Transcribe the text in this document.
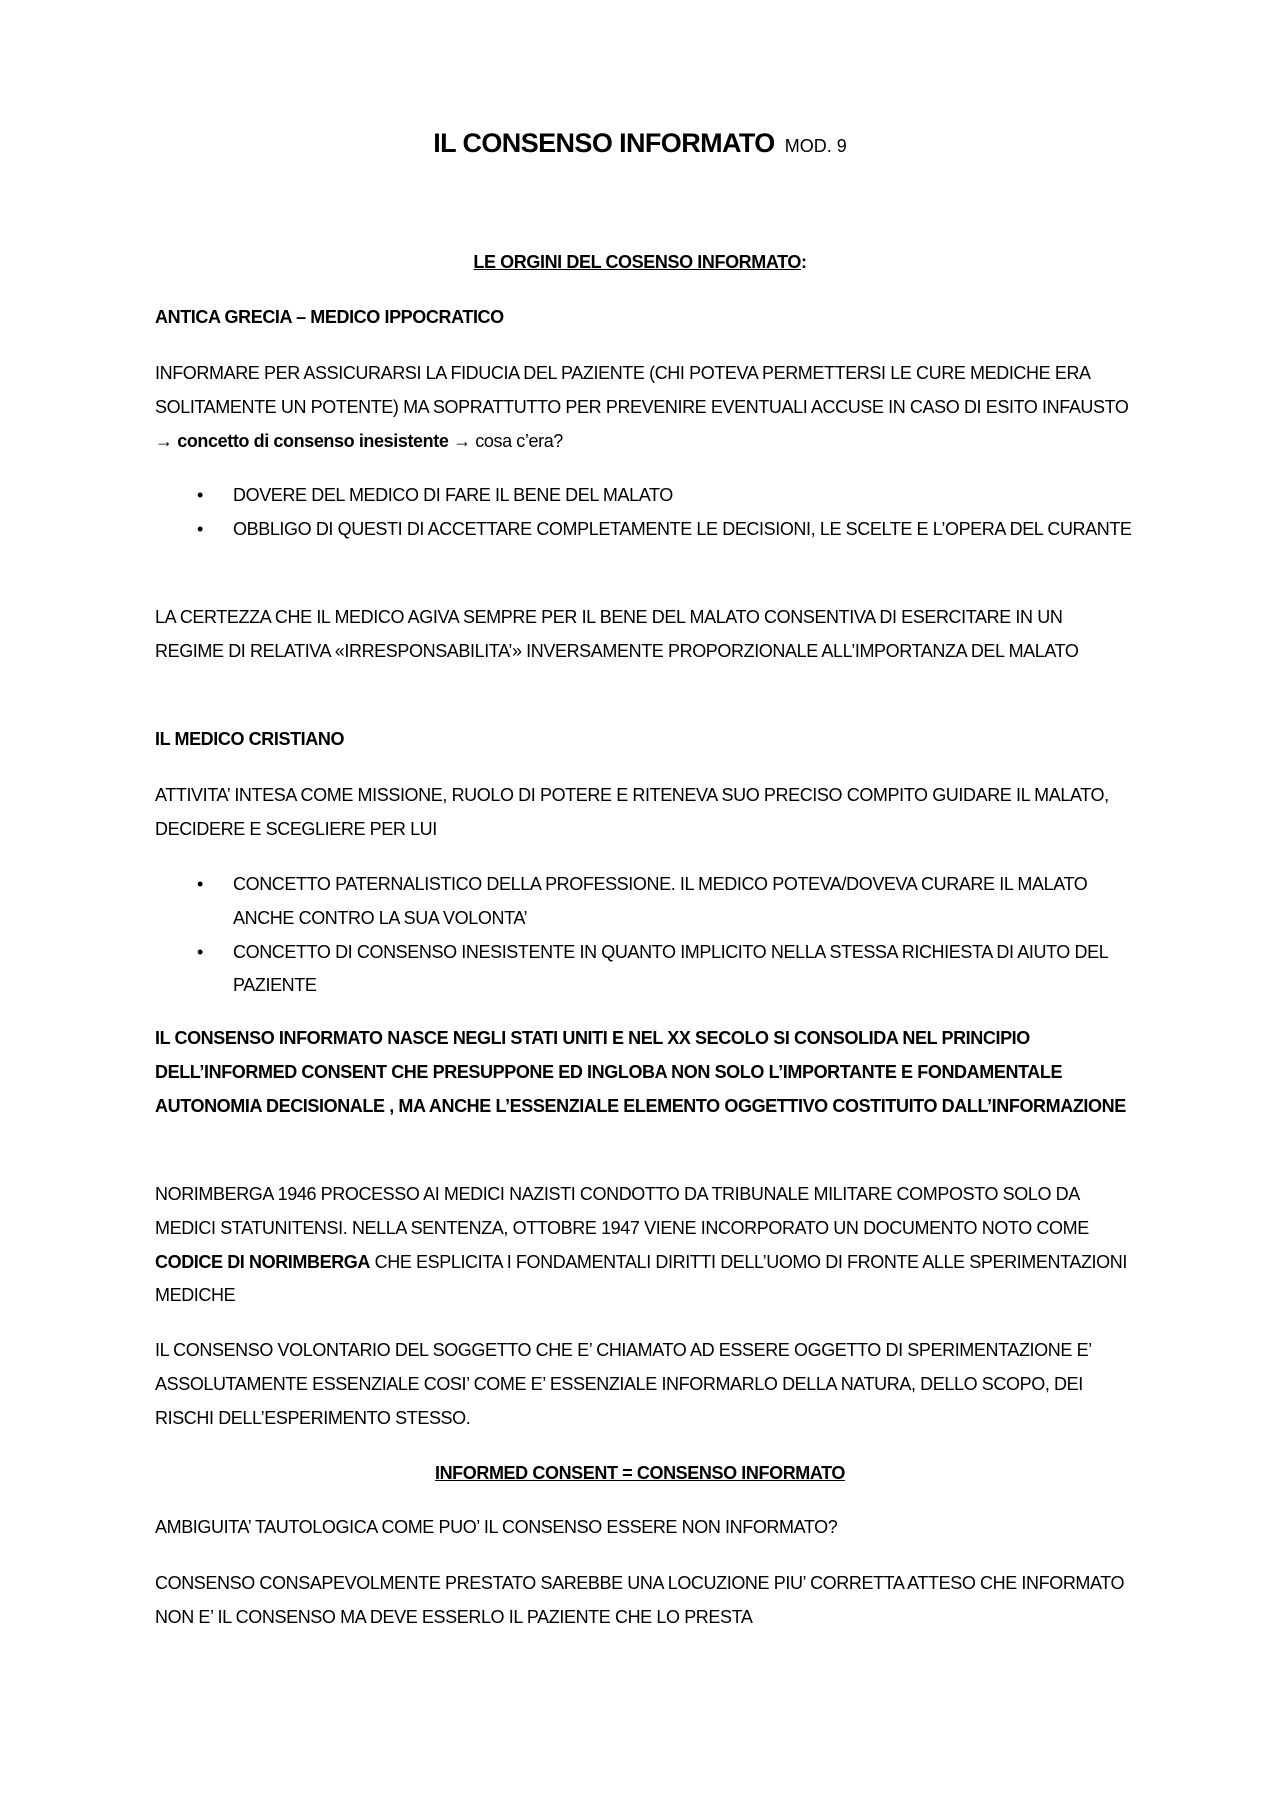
IL CONSENSO INFORMATO MOD. 9
LE ORGINI DEL COSENSO INFORMATO:
ANTICA GRECIA – MEDICO IPPOCRATICO
INFORMARE PER ASSICURARSI LA FIDUCIA DEL PAZIENTE (CHI POTEVA PERMETTERSI LE CURE MEDICHE ERA SOLITAMENTE UN POTENTE) MA SOPRATTUTTO PER PREVENIRE EVENTUALI ACCUSE IN CASO DI ESITO INFAUSTO → concetto di consenso inesistente → cosa c’era?
• DOVERE DEL MEDICO DI FARE IL BENE DEL MALATO
• OBBLIGO DI QUESTI DI ACCETTARE COMPLETAMENTE LE DECISIONI, LE SCELTE E L’OPERA DEL CURANTE
LA CERTEZZA CHE IL MEDICO AGIVA SEMPRE PER IL BENE DEL MALATO CONSENTIVA DI ESERCITARE IN UN REGIME DI RELATIVA «IRRESPONSABILITA’» INVERSAMENTE PROPORZIONALE ALL’IMPORTANZA DEL MALATO
IL MEDICO CRISTIANO
ATTIVITA’ INTESA COME MISSIONE, RUOLO DI POTERE E RITENEVA SUO PRECISO COMPITO GUIDARE IL MALATO, DECIDERE E SCEGLIERE PER LUI
• CONCETTO PATERNALISTICO DELLA PROFESSIONE. IL MEDICO POTEVA/DOVEVA CURARE IL MALATO ANCHE CONTRO LA SUA VOLONTA’
• CONCETTO DI CONSENSO INESISTENTE IN QUANTO IMPLICITO NELLA STESSA RICHIESTA DI AIUTO DEL PAZIENTE
IL CONSENSO INFORMATO NASCE NEGLI STATI UNITI E NEL XX SECOLO SI CONSOLIDA NEL PRINCIPIO DELL’INFORMED CONSENT CHE PRESUPPONE ED INGLOBA NON SOLO L’IMPORTANTE E FONDAMENTALE AUTONOMIA DECISIONALE , MA ANCHE L’ESSENZIALE ELEMENTO OGGETTIVO COSTITUITO DALL’INFORMAZIONE
NORIMBERGA 1946 PROCESSO AI MEDICI NAZISTI CONDOTTO DA TRIBUNALE MILITARE COMPOSTO SOLO DA MEDICI STATUNITENSI. NELLA SENTENZA, OTTOBRE 1947 VIENE INCORPORATO UN DOCUMENTO NOTO COME CODICE DI NORIMBERGA CHE ESPLICITA I FONDAMENTALI DIRITTI DELL’UOMO DI FRONTE ALLE SPERIMENTAZIONI MEDICHE
IL CONSENSO VOLONTARIO DEL SOGGETTO CHE E’ CHIAMATO AD ESSERE OGGETTO DI SPERIMENTAZIONE E’ ASSOLUTAMENTE ESSENZIALE COSI’ COME E’ ESSENZIALE INFORMARLO DELLA NATURA, DELLO SCOPO, DEI RISCHI DELL’ESPERIMENTO STESSO.
INFORMED CONSENT = CONSENSO INFORMATO
AMBIGUITA’ TAUTOLOGICA COME PUO’ IL CONSENSO ESSERE NON INFORMATO?
CONSENSO CONSAPEVOLMENTE PRESTATO SAREBBE UNA LOCUZIONE PIU’ CORRETTA ATTESO CHE INFORMATO NON E’ IL CONSENSO MA DEVE ESSERLO IL PAZIENTE CHE LO PRESTA
